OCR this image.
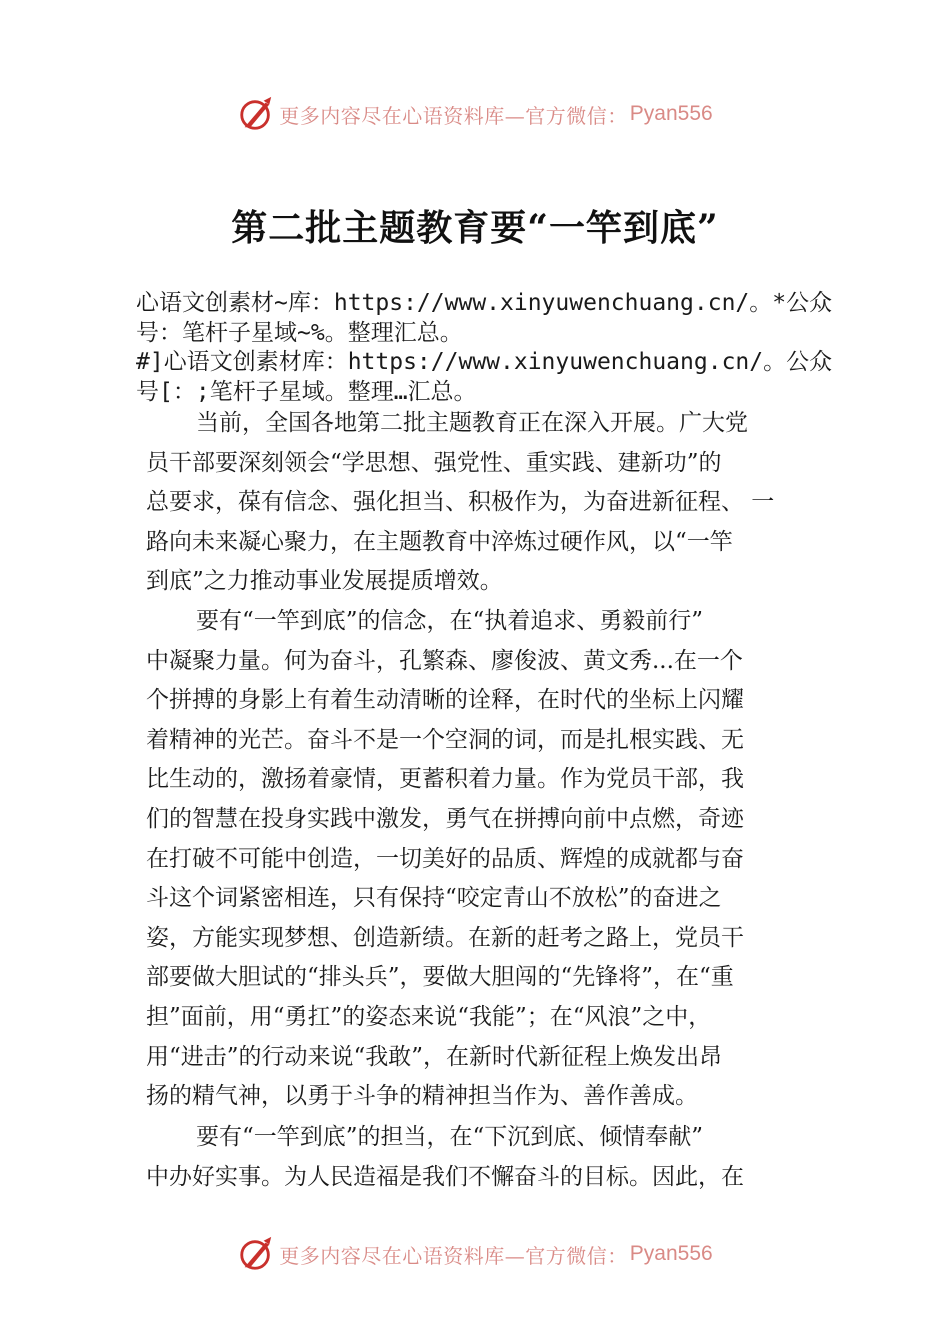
更多内容尽在心语资料库—官方微信： Pyan556
第二批主题教育要“一竿到底”
心语文创素材~库：https://www.xinyuwenchuang.cn/。*公众
号：笔杆子星域~%。整理汇总。
#]心语文创素材库：https://www.xinyuwenchuang.cn/。公众
号[：;笔杆子星域。整理…汇总。
当前，全国各地第二批主题教育正在深入开展。广大党
员干部要深刻领会“学思想、强党性、重实践、建新功”的
总要求，葆有信念、强化担当、积极作为，为奋进新征程、 一
路向未来凝心聚力，在主题教育中淬炼过硬作风，以“一竿
到底”之力推动事业发展提质增效。
要有“一竿到底”的信念，在“执着追求、勇毅前行”
中凝聚力量。何为奋斗，孔繁森、廖俊波、黄文秀...在一个
个拼搏的身影上有着生动清晰的诠释，在时代的坐标上闪耀
着精神的光芒。奋斗不是一个空洞的词，而是扎根实践、无
比生动的，激扬着豪情，更蓄积着力量。作为党员干部，我
们的智慧在投身实践中激发，勇气在拼搏向前中点燃，奇迹
在打破不可能中创造，一切美好的品质、辉煌的成就都与奋
斗这个词紧密相连，只有保持“咬定青山不放松”的奋进之
姿，方能实现梦想、创造新绩。在新的赶考之路上，党员干
部要做大胆试的“排头兵”，要做大胆闯的“先锋将”，在“重
担”面前，用“勇扛”的姿态来说“我能”；在“风浪”之中，
用“进击”的行动来说“我敢”，在新时代新征程上焕发出昂
扬的精气神，以勇于斗争的精神担当作为、善作善成。
要有“一竿到底”的担当，在“下沉到底、倾情奉献”
中办好实事。为人民造福是我们不懈奋斗的目标。因此，在
更多内容尽在心语资料库—官方微信： Pyan556
